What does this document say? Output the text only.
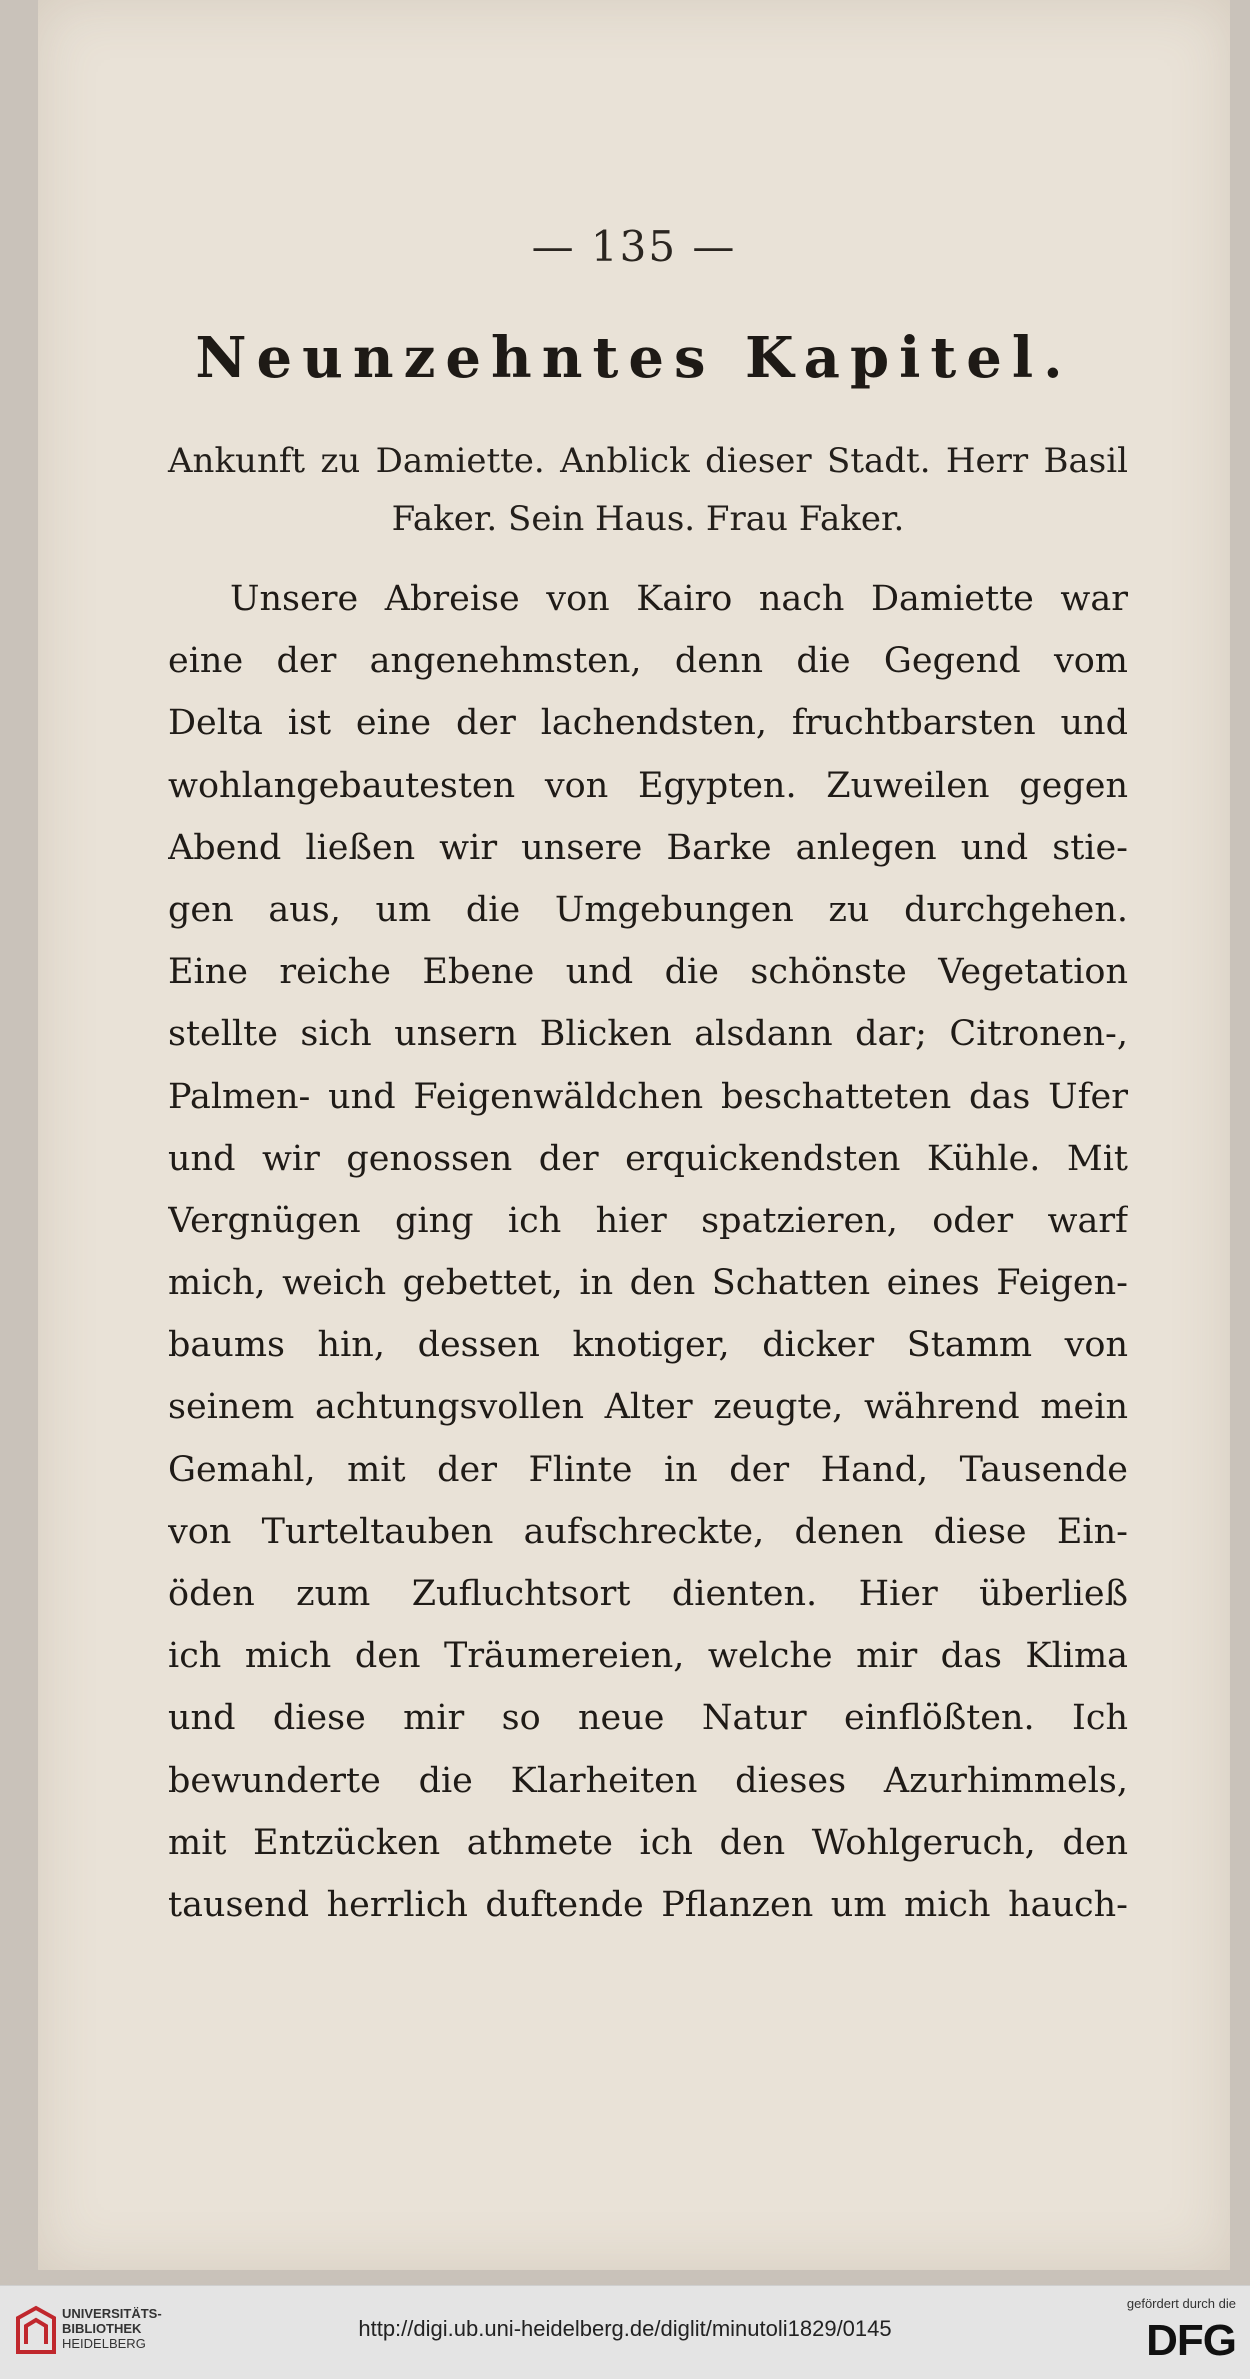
— 135 —
Neunzehntes Kapitel.
Ankunft zu Damiette. Anblick dieser Stadt. Herr Basil
Faker. Sein Haus. Frau Faker.
Unsere Abreise von Kairo nach Damiette war
eine der angenehmsten, denn die Gegend vom
Delta ist eine der lachendsten, fruchtbarsten und
wohlangebautesten von Egypten. Zuweilen gegen
Abend ließen wir unsere Barke anlegen und stie-
gen aus, um die Umgebungen zu durchgehen.
Eine reiche Ebene und die schönste Vegetation
stellte sich unsern Blicken alsdann dar; Citronen-,
Palmen- und Feigenwäldchen beschatteten das Ufer
und wir genossen der erquickendsten Kühle. Mit
Vergnügen ging ich hier spatzieren, oder warf
mich, weich gebettet, in den Schatten eines Feigen-
baums hin, dessen knotiger, dicker Stamm von
seinem achtungsvollen Alter zeugte, während mein
Gemahl, mit der Flinte in der Hand, Tausende
von Turteltauben aufschreckte, denen diese Ein-
öden zum Zufluchtsort dienten. Hier überließ
ich mich den Träumereien, welche mir das Klima
und diese mir so neue Natur einflößten. Ich
bewunderte die Klarheiten dieses Azurhimmels,
mit Entzücken athmete ich den Wohlgeruch, den
tausend herrlich duftende Pflanzen um mich hauch-
UNIVERSITÄTS-
BIBLIOTHEK
HEIDELBERG
http://digi.ub.uni-heidelberg.de/diglit/minutoli1829/0145
gefördert durch die
DFG
